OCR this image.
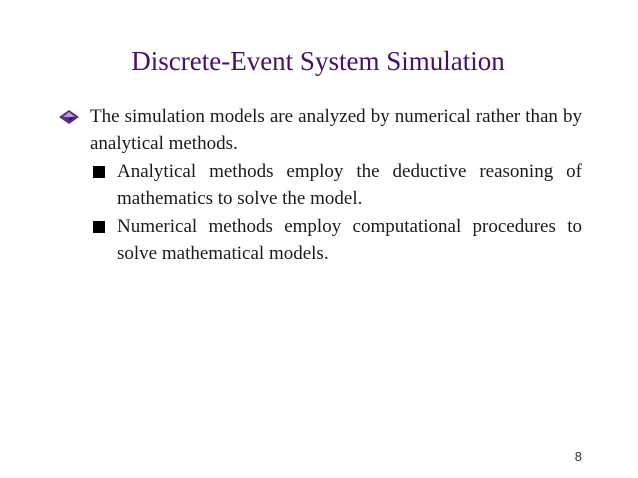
Discrete-Event System Simulation
The simulation models are analyzed by numerical rather than by analytical methods.
Analytical methods employ the deductive reasoning of mathematics to solve the model.
Numerical methods employ computational procedures to solve mathematical models.
8
